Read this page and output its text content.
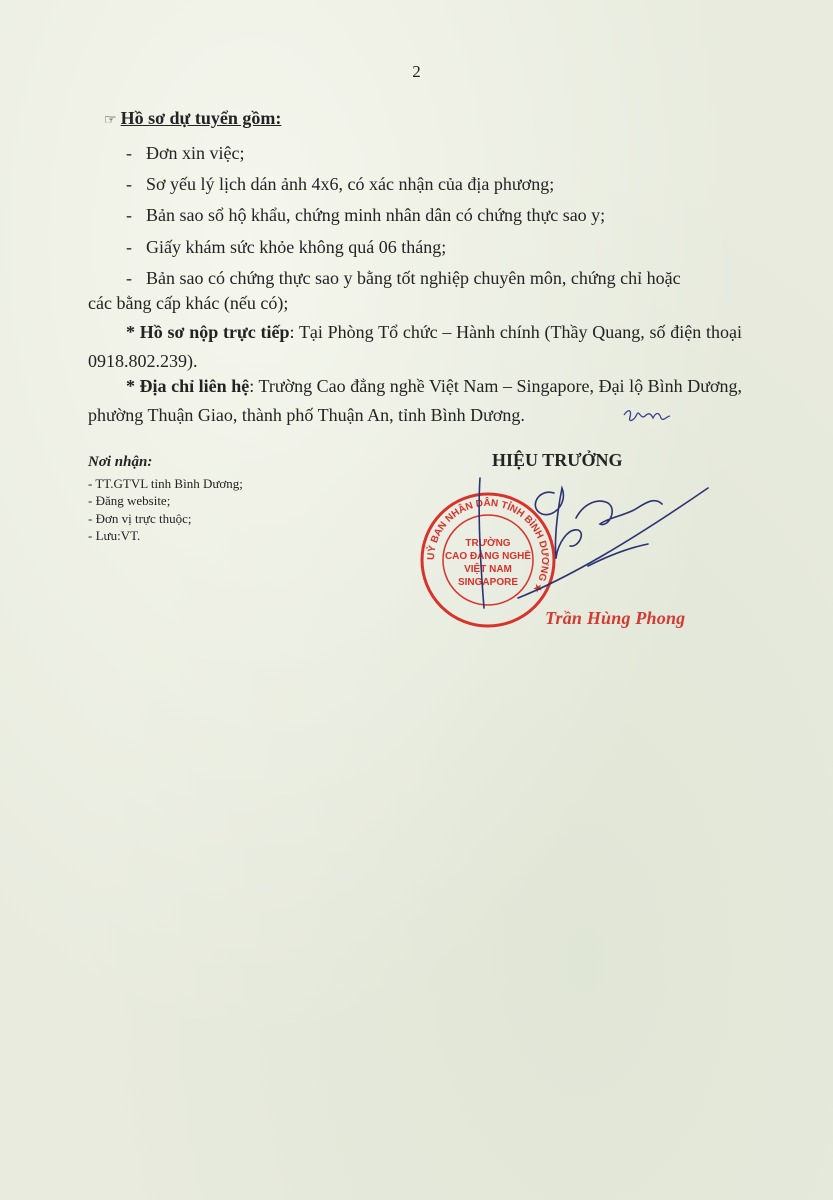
2
☞ Hồ sơ dự tuyển gồm:
- Đơn xin việc;
- Sơ yếu lý lịch dán ảnh 4x6, có xác nhận của địa phương;
- Bản sao sổ hộ khẩu, chứng minh nhân dân có chứng thực sao y;
- Giấy khám sức khỏe không quá 06 tháng;
- Bản sao có chứng thực sao y bằng tốt nghiệp chuyên môn, chứng chỉ hoặc
các bằng cấp khác (nếu có);
* Hồ sơ nộp trực tiếp: Tại Phòng Tổ chức – Hành chính (Thầy Quang, số điện thoại 0918.802.239).
* Địa chỉ liên hệ: Trường Cao đẳng nghề Việt Nam – Singapore, Đại lộ Bình Dương, phường Thuận Giao, thành phố Thuận An, tỉnh Bình Dương.
Nơi nhận:
- TT.GTVL tỉnh Bình Dương;
- Đăng website;
- Đơn vị trực thuộc;
- Lưu:VT.
HIỆU TRƯỞNG
UỶ BAN NHÂN DÂN TỈNH BÌNH DƯƠNG ★
TRƯỜNG
CAO ĐẲNG NGHỀ
VIỆT NAM
SINGAPORE
Trần Hùng Phong
